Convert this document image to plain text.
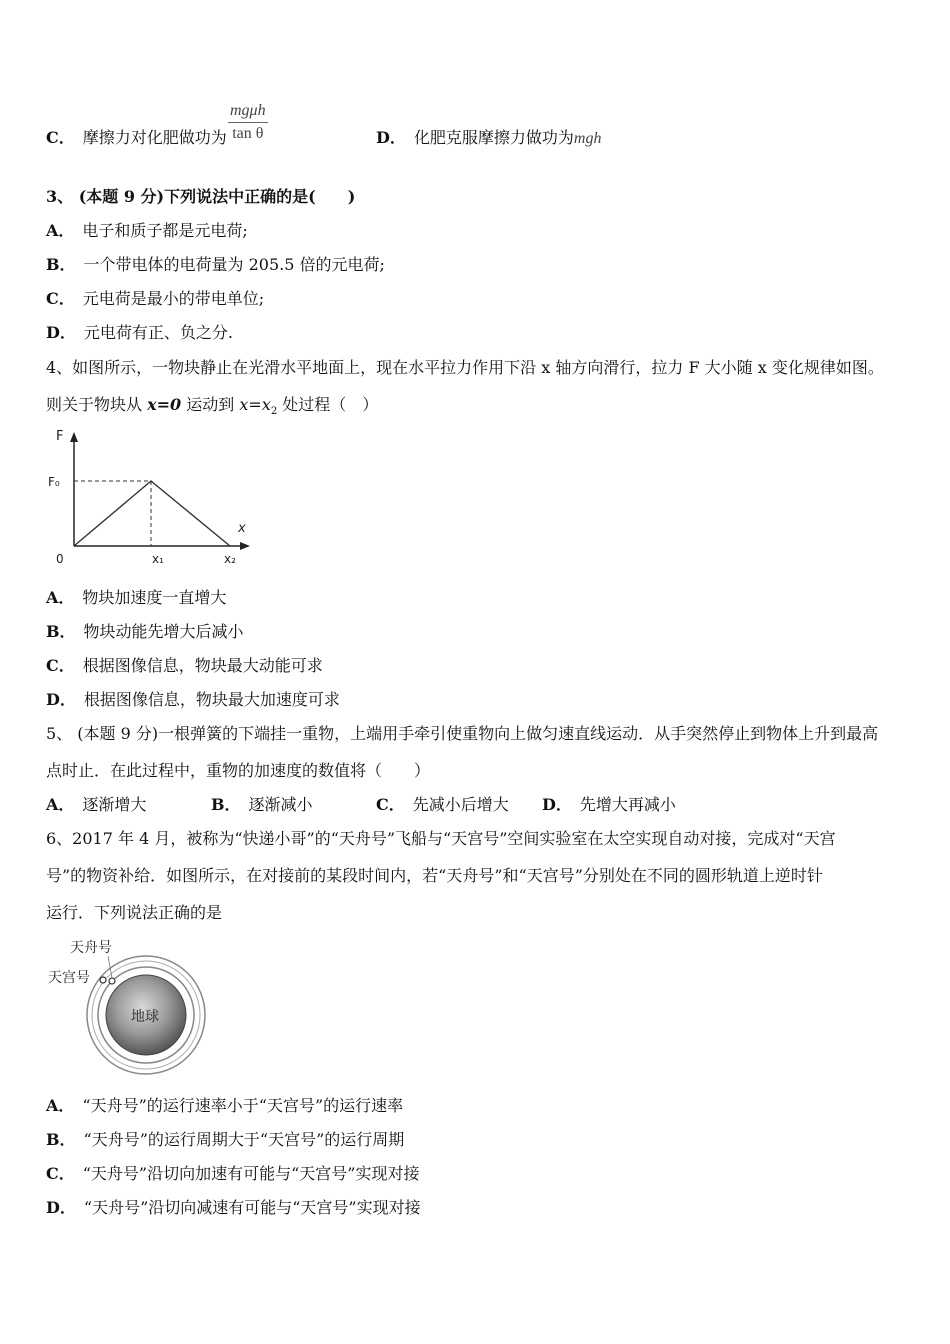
C． 摩擦力对化肥做功为
mgμh
tan θ	D． 化肥克服摩擦力做功为mgh
3、 (本题 9 分)下列说法中正确的是(　　)
A． 电子和质子都是元电荷;
B． 一个带电体的电荷量为 205.5 倍的元电荷;
C． 元电荷是最小的带电单位;
D． 元电荷有正、负之分.
4、如图所示，一物块静止在光滑水平地面上，现在水平拉力作用下沿 x 轴方向滑行，拉力 F 大小随 x 变化规律如图。
则关于物块从 x=0 运动到 $x=x_2$ 处过程（　）
F
x
F₀
0	x₁	x₂
A． 物块加速度一直增大
B． 物块动能先增大后减小
C． 根据图像信息，物块最大动能可求
D． 根据图像信息，物块最大加速度可求
5、 (本题 9 分)一根弹簧的下端挂一重物，上端用手牵引使重物向上做匀速直线运动．从手突然停止到物体上升到最高
点时止．在此过程中，重物的加速度的数值将（　　）
A． 逐渐增大	B． 逐渐减小	C． 先减小后增大 D． 先增大再减小
6、2017 年 4 月，被称为“快递小哥”的“天舟号”飞船与“天宫号”空间实验室在太空实现自动对接，完成对“天宫
号”的物资补给．如图所示，在对接前的某段时间内，若“天舟号”和“天宫号”分别处在不同的圆形轨道上逆时针
运行．下列说法正确的是
地球
天舟号
天宫号
A． “天舟号”的运行速率小于“天宫号”的运行速率
B． “天舟号”的运行周期大于“天宫号”的运行周期
C． “天舟号”沿切向加速有可能与“天宫号”实现对接
D． “天舟号”沿切向减速有可能与“天宫号”实现对接
